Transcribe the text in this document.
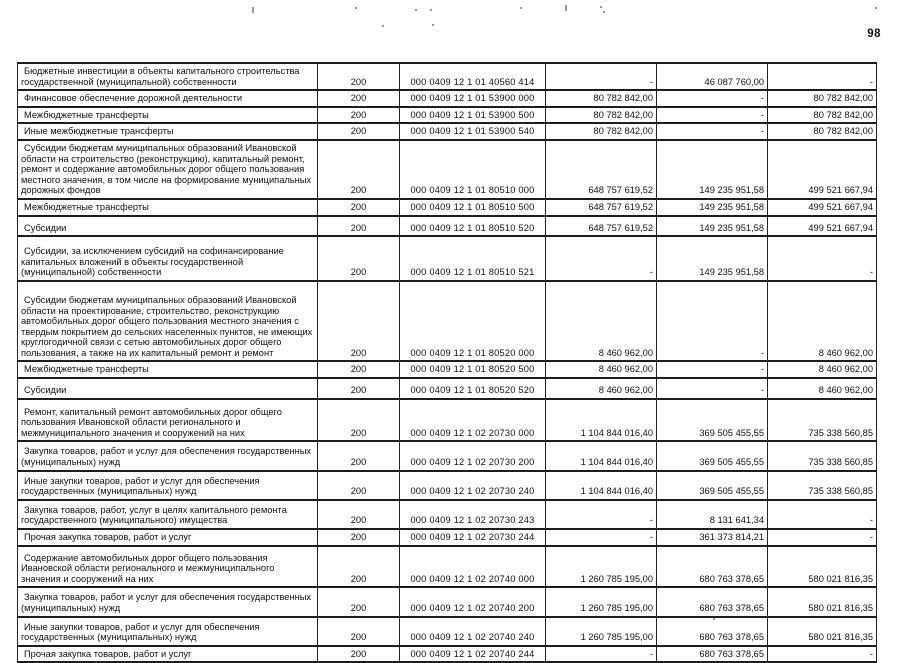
98
Бюджетные инвестиции в объекты капитального строительства государственной (муниципальной) собственности	200	000 0409 12 1 01 40560 414	-	46 087 760,00	-
Финансовое обеспечение дорожной деятельности	200	000 0409 12 1 01 53900 000	80 782 842,00	-	80 782 842,00
Межбюджетные трансферты	200	000 0409 12 1 01 53900 500	80 782 842,00	-	80 782 842,00
Иные межбюджетные трансферты	200	000 0409 12 1 01 53900 540	80 782 842,00	-	80 782 842,00
Субсидии бюджетам муниципальных образований Ивановской области на строительство (реконструкцию), капитальный ремонт, ремонт и содержание автомобильных дорог общего пользования местного значения, в том числе на формирование муниципальных дорожных фондов	200	000 0409 12 1 01 80510 000	648 757 619,52	149 235 951,58	499 521 667,94
Межбюджетные трансферты	200	000 0409 12 1 01 80510 500	648 757 619,52	149 235 951,58	499 521 667,94
Субсидии	200	000 0409 12 1 01 80510 520	648 757 619,52	149 235 951,58	499 521 667,94
Субсидии, за исключением субсидий на софинансирование капитальных вложений в объекты государственной (муниципальной) собственности	200	000 0409 12 1 01 80510 521	-	149 235 951,58	-
Субсидии бюджетам муниципальных образований Ивановской области на проектирование, строительство, реконструкцию автомобильных дорог общего пользования местного значения с твердым покрытием до сельских населенных пунктов, не имеющих круглогодичной связи с сетью автомобильных дорог общего пользования, а также на их капитальный ремонт и ремонт	200	000 0409 12 1 01 80520 000	8 460 962,00	-	8 460 962,00
Межбюджетные трансферты	200	000 0409 12 1 01 80520 500	8 460 962,00	-	8 460 962,00
Субсидии	200	000 0409 12 1 01 80520 520	8 460 962,00	-	8 460 962,00
Ремонт, капитальный ремонт автомобильных дорог общего пользования Ивановской области регионального и межмуниципального значения и сооружений на них	200	000 0409 12 1 02 20730 000	1 104 844 016,40	369 505 455,55	735 338 560,85
Закупка товаров, работ и услуг для обеспечения государственных (муниципальных) нужд	200	000 0409 12 1 02 20730 200	1 104 844 016,40	369 505 455,55	735 338 560,85
Иные закупки товаров, работ и услуг для обеспечения государственных (муниципальных) нужд	200	000 0409 12 1 02 20730 240	1 104 844 016,40	369 505 455,55	735 338 560,85
Закупка товаров, работ, услуг в целях капитального ремонта государственного (муниципального) имущества	200	000 0409 12 1 02 20730 243	-	8 131 641,34	-
Прочая закупка товаров, работ и услуг	200	000 0409 12 1 02 20730 244	-	361 373 814,21	-
Содержание автомобильных дорог общего пользования Ивановской области регионального и межмуниципального значения и сооружений на них	200	000 0409 12 1 02 20740 000	1 260 785 195,00	680 763 378,65	580 021 816,35
Закупка товаров, работ и услуг для обеспечения государственных (муниципальных) нужд	200	000 0409 12 1 02 20740 200	1 260 785 195,00	680 763 378,65	580 021 816,35
Иные закупки товаров, работ и услуг для обеспечения государственных (муниципальных) нужд	200	000 0409 12 1 02 20740 240	1 260 785 195,00	680 763 378,65	580 021 816,35
Прочая закупка товаров, работ и услуг	200	000 0409 12 1 02 20740 244	-	680 763 378,65	-
